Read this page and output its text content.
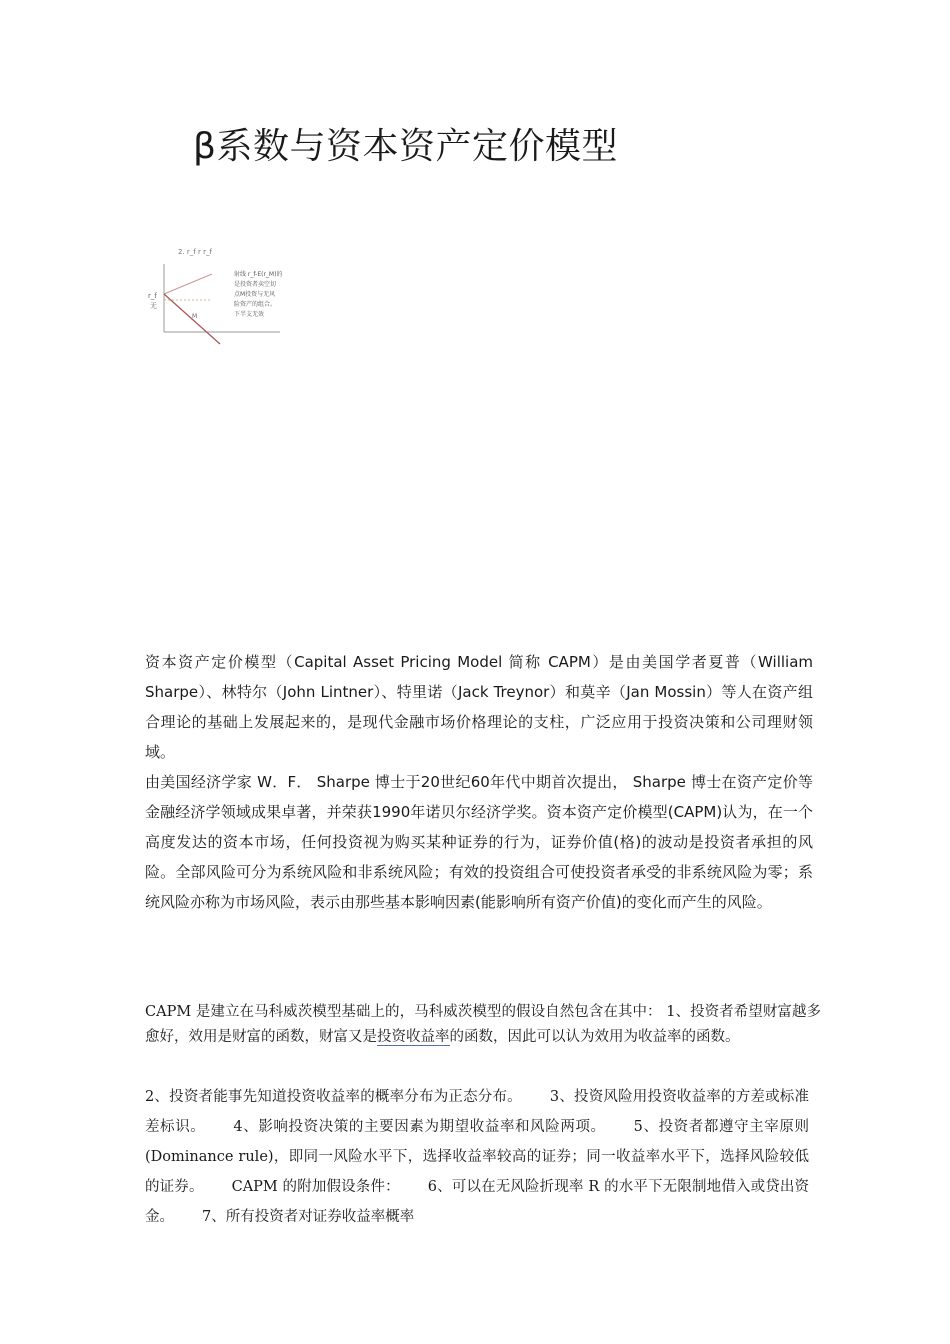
β系数与资本资产定价模型
2. r_f r r_f
r_f
无
M
射线 r_f-E(r_M)的
是投资者卖空切
点M投资与无风
险资产的组合。
下半支无效

资本资产定价模型（Capital Asset Pricing Model 简称 CAPM）是由美国学者夏普（William Sharpe）、林特尔（John Lintner）、特里诺（Jack Treynor）和莫辛（Jan Mossin）等人在资产组合理论的基础上发展起来的，是现代金融市场价格理论的支柱，广泛应用于投资决策和公司理财领域。

由美国经济学家 W．F． Sharpe 博士于20世纪60年代中期首次提出， Sharpe 博士在资产定价等金融经济学领域成果卓著，并荣获1990年诺贝尔经济学奖。资本资产定价模型(CAPM)认为，在一个高度发达的资本市场，任何投资视为购买某种证券的行为，证券价值(格)的波动是投资者承担的风险。全部风险可分为系统风险和非系统风险；有效的投资组合可使投资者承受的非系统风险为零；系统风险亦称为市场风险，表示由那些基本影响因素(能影响所有资产价值)的变化而产生的风险。

CAPM 是建立在马科威茨模型基础上的，马科威茨模型的假设自然包含在其中： 1、投资者希望财富越多愈好，效用是财富的函数，财富又是投资收益率的函数，因此可以认为效用为收益率的函数。

2、投资者能事先知道投资收益率的概率分布为正态分布。 3、投资风险用投资收益率的方差或标准差标识。 4、影响投资决策的主要因素为期望收益率和风险两项。 5、投资者都遵守主宰原则(Dominance rule)，即同一风险水平下，选择收益率较高的证券；同一收益率水平下，选择风险较低的证券。 CAPM 的附加假设条件： 6、可以在无风险折现率 R 的水平下无限制地借入或贷出资金。 7、所有投资者对证券收益率概率
